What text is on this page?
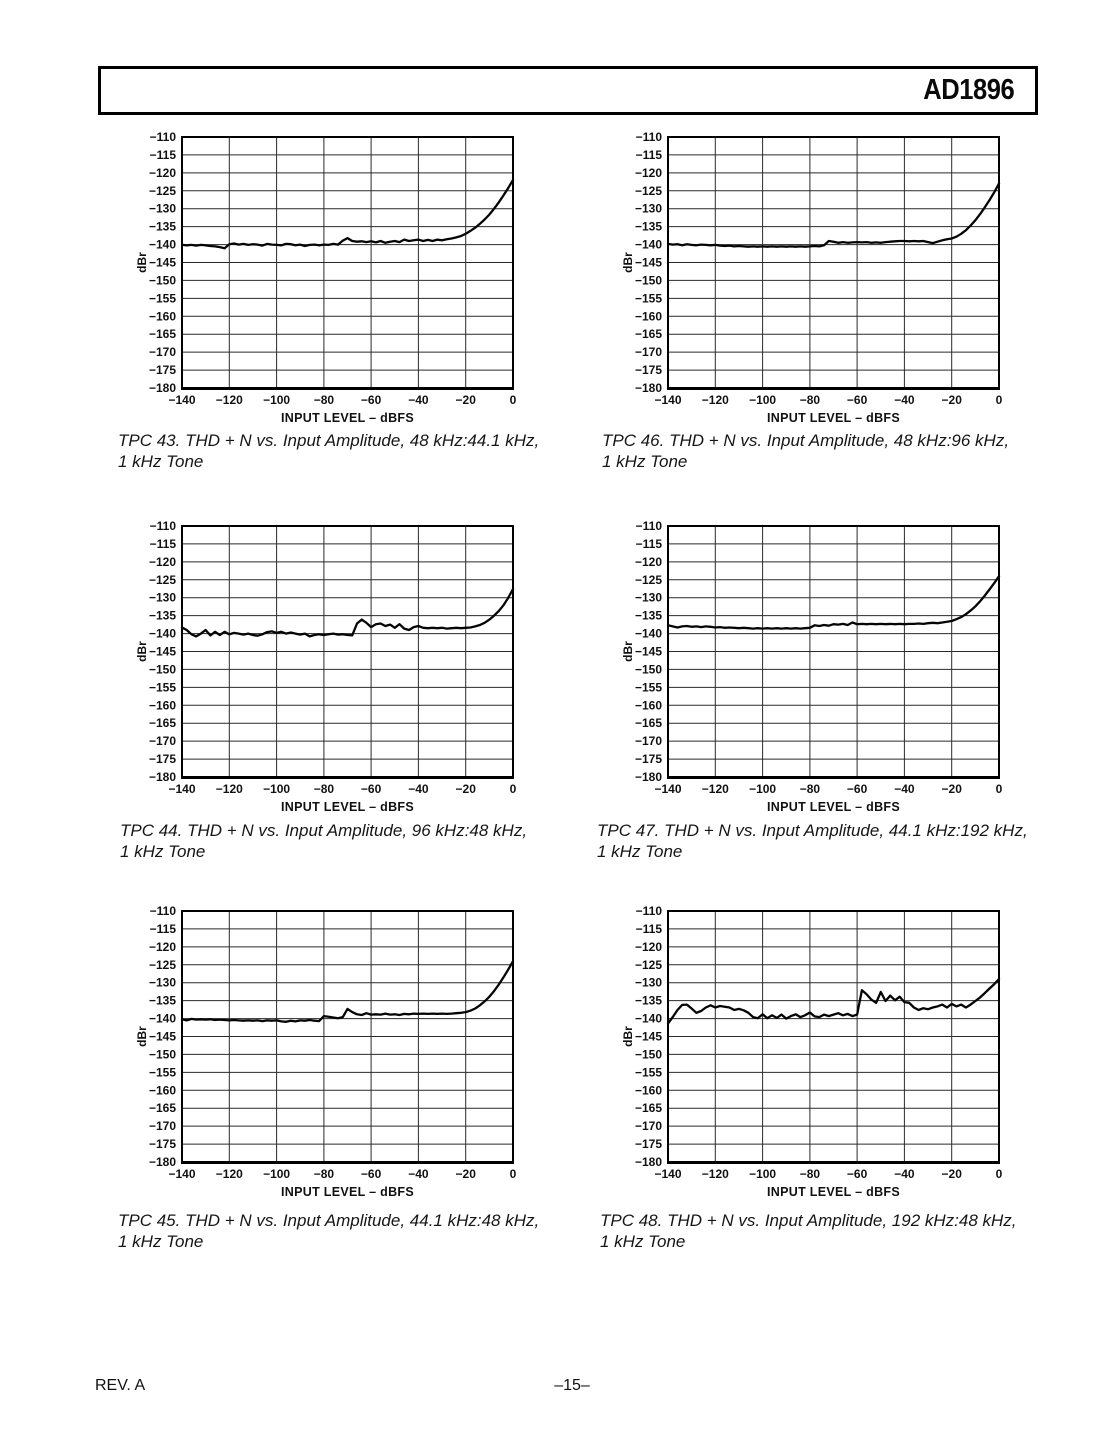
AD1896
−110
−115
−120
−125
−130
−135
−140
−145
−150
−155
−160
−165
−170
−175
−180
−140 −120 −100 −80 −60 −40 −20	0
INPUT LEVEL – dBFS
dBr
−110
−115
−120
−125
−130
−135
−140
−145
−150
−155
−160
−165
−170
−175
−180
−140 −120 −100 −80 −60 −40 −20	0
INPUT LEVEL – dBFS
dBr
−110
−115
−120
−125
−130
−135
−140
−145
−150
−155
−160
−165
−170
−175
−180
−140 −120 −100 −80 −60 −40 −20	0
INPUT LEVEL – dBFS
dBr
−110
−115
−120
−125
−130
−135
−140
−145
−150
−155
−160
−165
−170
−175
−180
−140 −120 −100 −80 −60 −40 −20	0
INPUT LEVEL – dBFS
dBr
−110
−115
−120
−125
−130
−135
−140
−145
−150
−155
−160
−165
−170
−175
−180
−140 −120 −100 −80 −60 −40 −20	0
INPUT LEVEL – dBFS
dBr
−110
−115
−120
−125
−130
−135
−140
−145
−150
−155
−160
−165
−170
−175
−180
−140 −120 −100 −80 −60 −40 −20	0
INPUT LEVEL – dBFS
dBr
TPC 43. THD + N vs. Input Amplitude, 48 kHz:44.1 kHz,
1 kHz Tone
TPC 46. THD + N vs. Input Amplitude, 48 kHz:96 kHz,
1 kHz Tone
TPC 44. THD + N vs. Input Amplitude, 96 kHz:48 kHz,
1 kHz Tone
TPC 47. THD + N vs. Input Amplitude, 44.1 kHz:192 kHz,
1 kHz Tone
TPC 45. THD + N vs. Input Amplitude, 44.1 kHz:48 kHz,
1 kHz Tone
TPC 48. THD + N vs. Input Amplitude, 192 kHz:48 kHz,
1 kHz Tone
REV. A	–15–
